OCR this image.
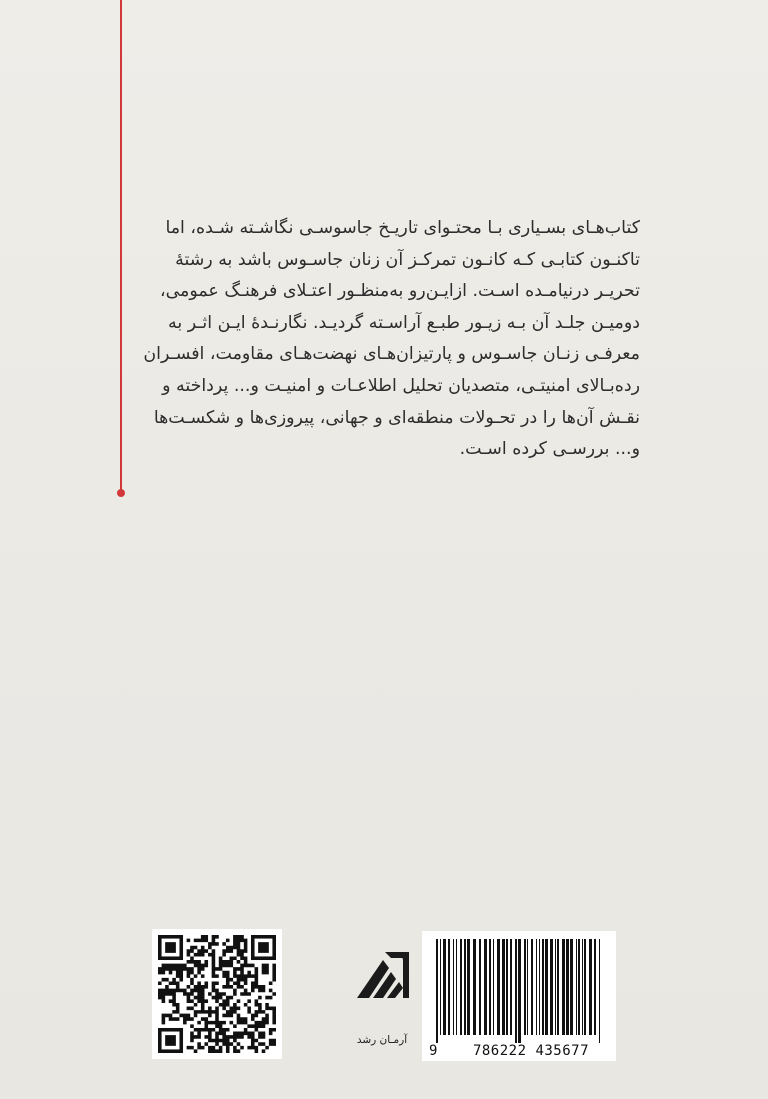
کتاب‌هـای بسـیاری بـا محتـوای تاریـخ جاسوسـی نگاشـته شـده، اما

تاکنـون کتابـی کـه کانـون تمرکـز آن زنان جاسـوس باشد به رشتهٔ

تحریـر درنیامـده اسـت. ازایـن‌رو به‌منظـور اعتـلای فرهنـگ عمومی،

دومیـن جلـد آن بـه زیـور طبـع آراسـته گردیـد. نگارنـدهٔ ایـن اثـر به

معرفـی زنـان جاسـوس و پارتیزان‌هـای نهضت‌هـای مقاومت، افسـران

رده‌بـالای امنیتـی، متصدیان تحلیل اطلاعـات و امنیـت و... پرداخته و

نقـش آن‌ها را در تحـولات منطقه‌ای و جهانی، پیروزی‌ها و شکسـت‌ها

و... بررسـی کرده اسـت.

آرمـان رشد
9	786222 435677
